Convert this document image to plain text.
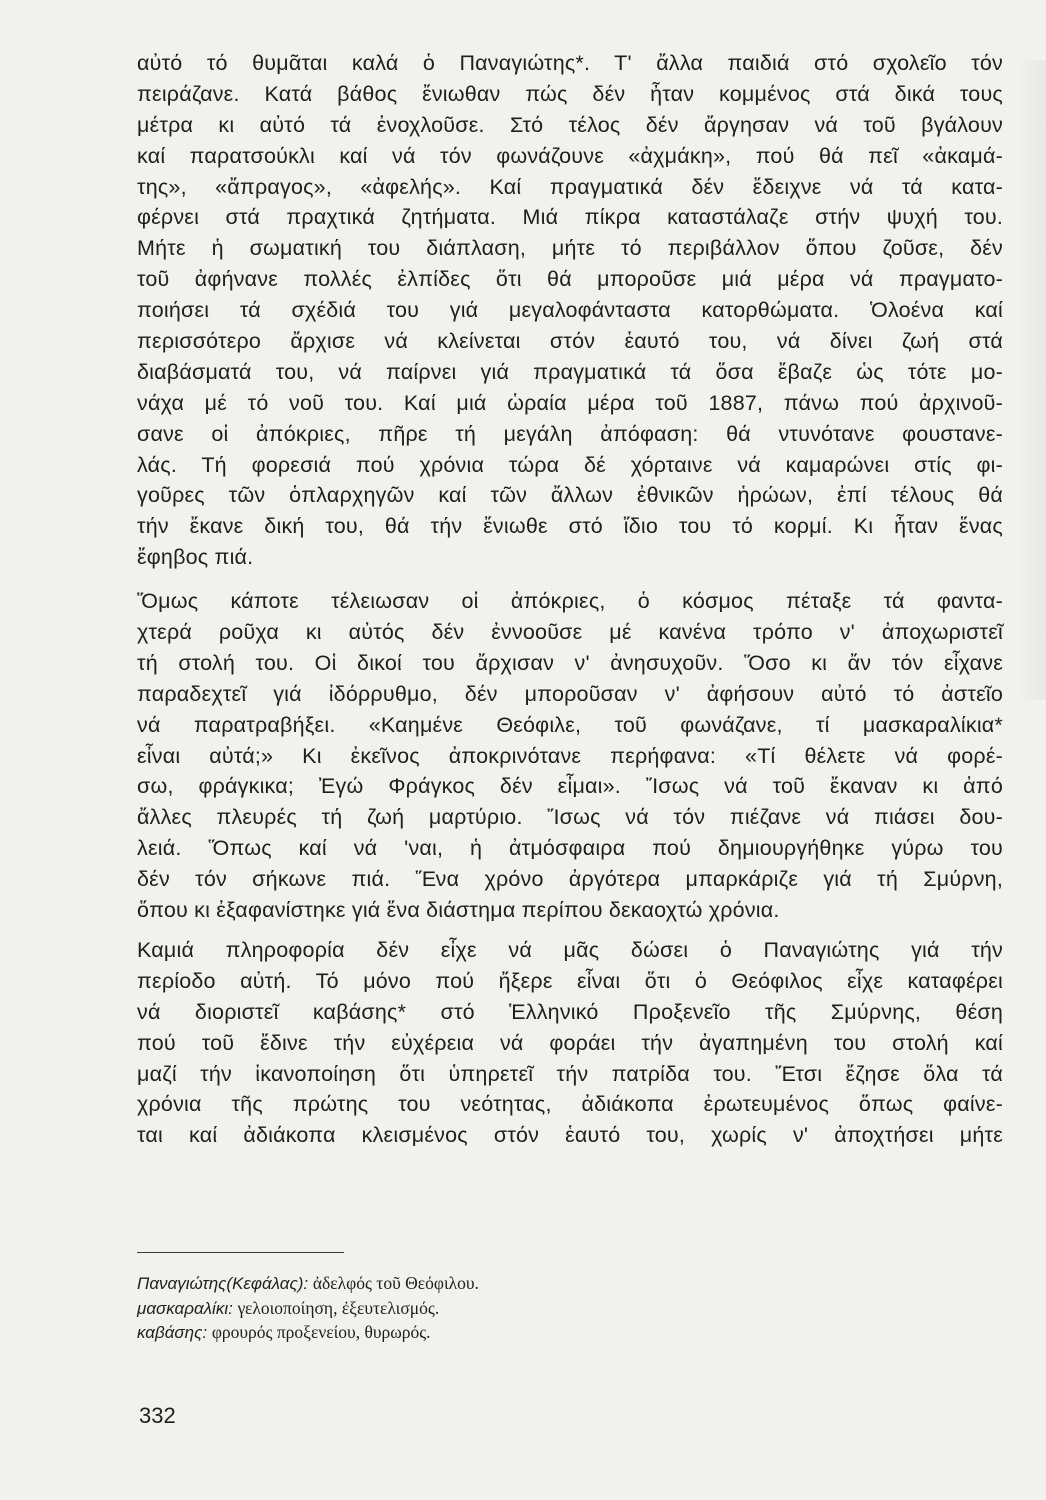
αὐτό τό θυμᾶται καλά ὁ Παναγιώτης*. Τ' ἄλλα παιδιά στό σχολεῖο τόν
πειράζανε. Κατά βάθος ἔνιωθαν πώς δέν ἦταν κομμένος στά δικά τους
μέτρα κι αὐτό τά ἐνοχλοῦσε. Στό τέλος δέν ἄργησαν νά τοῦ βγάλουν
καί παρατσούκλι καί νά τόν φωνάζουνε «ἀχμάκη», πού θά πεῖ «ἀκαμά-
της», «ἄπραγος», «ἀφελής». Καί πραγματικά δέν ἔδειχνε νά τά κατα-
φέρνει στά πραχτικά ζητήματα. Μιά πίκρα καταστάλαζε στήν ψυχή του.
Μήτε ἡ σωματική του διάπλαση, μήτε τό περιβάλλον ὅπου ζοῦσε, δέν
τοῦ ἀφήνανε πολλές ἐλπίδες ὅτι θά μποροῦσε μιά μέρα νά πραγματο-
ποιήσει τά σχέδιά του γιά μεγαλοφάνταστα κατορθώματα. Ὁλοένα καί
περισσότερο ἄρχισε νά κλείνεται στόν ἑαυτό του, νά δίνει ζωή στά
διαβάσματά του, νά παίρνει γιά πραγματικά τά ὅσα ἔβαζε ὡς τότε μο-
νάχα μέ τό νοῦ του. Καί μιά ὡραία μέρα τοῦ 1887, πάνω πού ἀρχινοῦ-
σανε οἱ ἀπόκριες, πῆρε τή μεγάλη ἀπόφαση: θά ντυνότανε φουστανε-
λάς. Τή φορεσιά πού χρόνια τώρα δέ χόρταινε νά καμαρώνει στίς φι-
γοῦρες τῶν ὁπλαρχηγῶν καί τῶν ἄλλων ἐθνικῶν ἡρώων, ἐπί τέλους θά
τήν ἔκανε δική του, θά τήν ἔνιωθε στό ἴδιο του τό κορμί. Κι ἦταν ἕνας
ἔφηβος πιά.

Ὅμως κάποτε τέλειωσαν οἱ ἀπόκριες, ὁ κόσμος πέταξε τά φαντα-
χτερά ροῦχα κι αὐτός δέν ἐννοοῦσε μέ κανένα τρόπο ν' ἀποχωριστεῖ
τή στολή του. Οἱ δικοί του ἄρχισαν ν' ἀνησυχοῦν. Ὅσο κι ἄν τόν εἶχανε
παραδεχτεῖ γιά ἰδόρρυθμο, δέν μποροῦσαν ν' ἀφήσουν αὐτό τό ἀστεῖο
νά παρατραβήξει. «Καημένε Θεόφιλε, τοῦ φωνάζανε, τί μασκαραλίκια*
εἶναι αὐτά;» Κι ἐκεῖνος ἀποκρινότανε περήφανα: «Τί θέλετε νά φορέ-
σω, φράγκικα; Ἐγώ Φράγκος δέν εἶμαι». Ἴσως νά τοῦ ἔκαναν κι ἀπό
ἄλλες πλευρές τή ζωή μαρτύριο. Ἴσως νά τόν πιέζανε νά πιάσει δου-
λειά. Ὅπως καί νά 'ναι, ἡ ἀτμόσφαιρα πού δημιουργήθηκε γύρω του
δέν τόν σήκωνε πιά. Ἕνα χρόνο ἀργότερα μπαρκάριζε γιά τή Σμύρνη,
ὅπου κι ἐξαφανίστηκε γιά ἕνα διάστημα περίπου δεκαοχτώ χρόνια.

Καμιά πληροφορία δέν εἶχε νά μᾶς δώσει ὁ Παναγιώτης γιά τήν
περίοδο αὐτή. Τό μόνο πού ἤξερε εἶναι ὅτι ὁ Θεόφιλος εἶχε καταφέρει
νά διοριστεῖ καβάσης* στό Ἑλληνικό Προξενεῖο τῆς Σμύρνης, θέση
πού τοῦ ἔδινε τήν εὐχέρεια νά φοράει τήν ἀγαπημένη του στολή καί
μαζί τήν ἱκανοποίηση ὅτι ὑπηρετεῖ τήν πατρίδα του. Ἔτσι ἔζησε ὅλα τά
χρόνια τῆς πρώτης του νεότητας, ἀδιάκοπα ἐρωτευμένος ὅπως φαίνε-
ται καί ἀδιάκοπα κλεισμένος στόν ἑαυτό του, χωρίς ν' ἀποχτήσει μήτε

Παναγιώτης(Κεφάλας): ἀδελφός τοῦ Θεόφιλου.
μασκαραλίκι: γελοιοποίηση, ἐξευτελισμός.
καβάσης: φρουρός προξενείου, θυρωρός.
332
